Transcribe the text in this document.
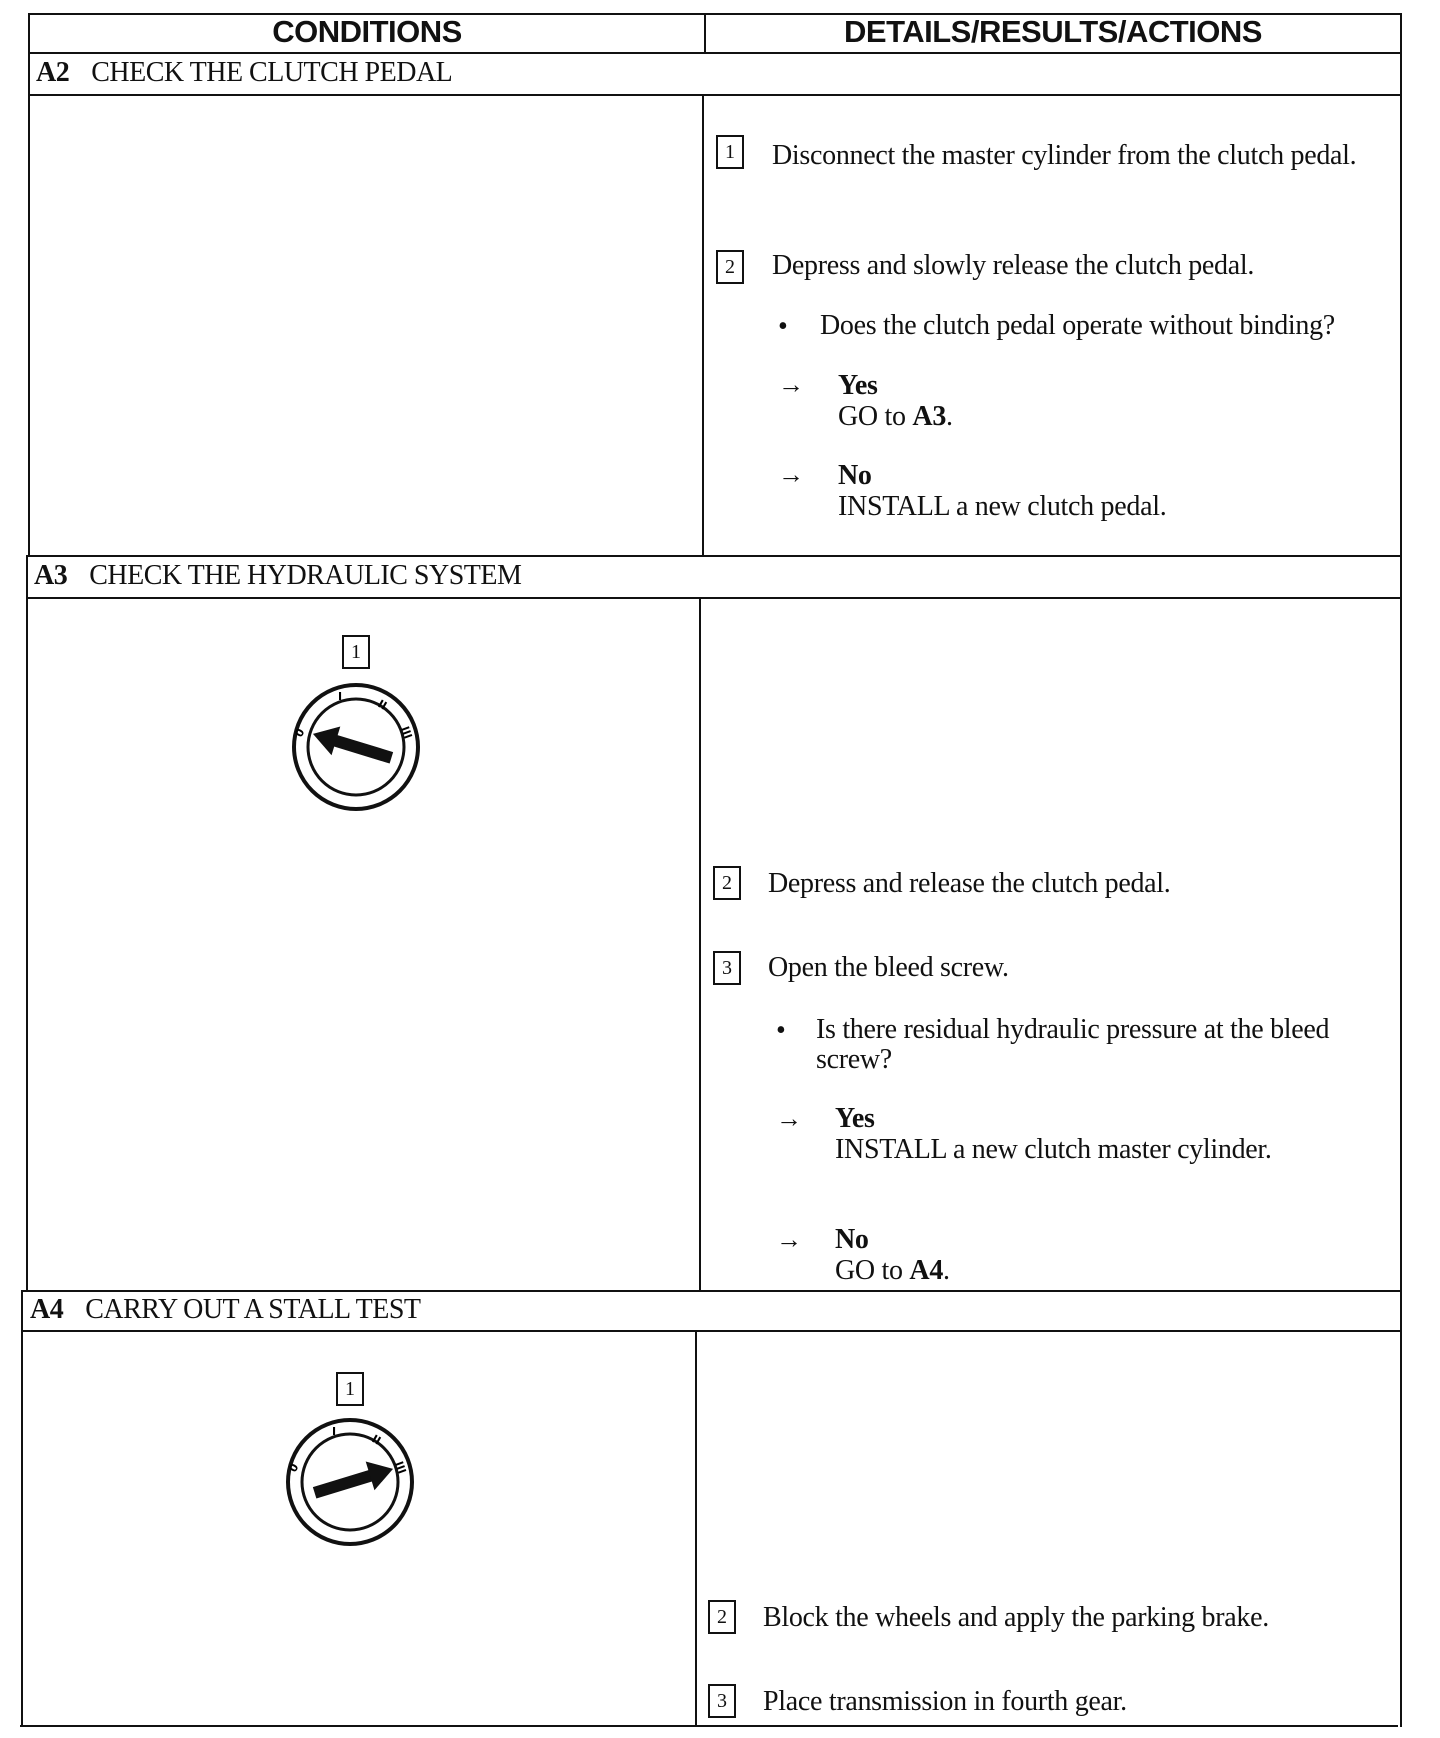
CONDITIONS	DETAILS/RESULTS/ACTIONS
A2 CHECK THE CLUTCH PEDAL
1	Disconnect the master cylinder from the clutch pedal.
2	Depress and slowly release the clutch pedal.
• Does the clutch pedal operate without binding?
→ Yes
GO to A3.
→ No
INSTALL a new clutch pedal.
A3 CHECK THE HYDRAULIC SYSTEM
1
0
I
II
III
2	Depress and release the clutch pedal.
3	Open the bleed screw.
• Is there residual hydraulic pressure at the bleed screw?
→ Yes
INSTALL a new clutch master cylinder.
→ No
GO to A4.
A4 CARRY OUT A STALL TEST
1
0
I
II
III
2	Block the wheels and apply the parking brake.
3	Place transmission in fourth gear.
